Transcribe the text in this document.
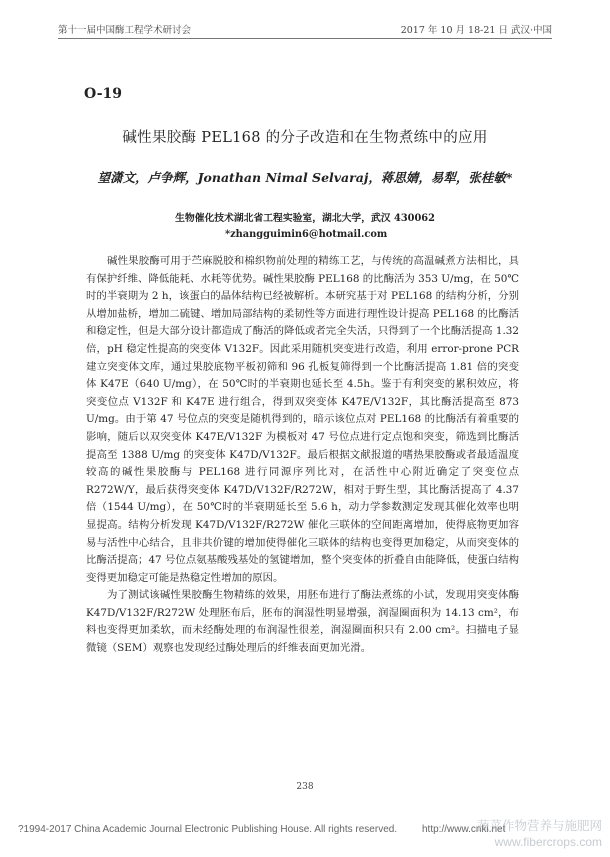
第十一届中国酶工程学术研讨会	2017 年 10 月 18-21 日 武汉·中国
O-19
碱性果胶酶 PEL168 的分子改造和在生物煮练中的应用
望潇文，卢争辉，Jonathan Nimal Selvaraj，蒋思婧，易犁，张桂敏*
生物催化技术湖北省工程实验室，湖北大学，武汉 430062
*zhangguimin6@hotmail.com

碱性果胶酶可用于苎麻脱胶和棉织物前处理的精练工艺，与传统的高温碱煮方法相比，具有保护纤维、降低能耗、水耗等优势。碱性果胶酶 PEL168 的比酶活为 353 U/mg，在 50℃时的半衰期为 2 h，该蛋白的晶体结构已经被解析。本研究基于对 PEL168 的结构分析，分别从增加盐桥，增加二硫键、增加局部结构的柔韧性等方面进行理性设计提高 PEL168 的比酶活和稳定性，但是大部分设计都造成了酶活的降低或者完全失活，只得到了一个比酶活提高 1.32 倍，pH 稳定性提高的突变体 V132F。因此采用随机突变进行改造，利用 error-prone PCR 建立突变体文库，通过果胶底物平板初筛和 96 孔板复筛得到一个比酶活提高 1.81 倍的突变体 K47E（640 U/mg），在 50℃时的半衰期也延长至 4.5h。鉴于有利突变的累积效应，将突变位点 V132F 和 K47E 进行组合，得到双突变体 K47E/V132F，其比酶活提高至 873 U/mg。由于第 47 号位点的突变是随机得到的，暗示该位点对 PEL168 的比酶活有着重要的影响，随后以双突变体 K47E/V132F 为模板对 47 号位点进行定点饱和突变，筛选到比酶活提高至 1388 U/mg 的突变体 K47D/V132F。最后根据文献报道的嗜热果胶酶或者最适温度较高的碱性果胶酶与 PEL168 进行同源序列比对，在活性中心附近确定了突变位点 R272W/Y，最后获得突变体 K47D/V132F/R272W，相对于野生型，其比酶活提高了 4.37 倍（1544 U/mg），在 50℃时的半衰期延长至 5.6 h，动力学参数测定发现其催化效率也明显提高。结构分析发现 K47D/V132F/R272W 催化三联体的空间距离增加，使得底物更加容易与活性中心结合，且非共价键的增加使得催化三联体的结构也变得更加稳定，从而突变体的比酶活提高；47 号位点氨基酸残基处的氢键增加，整个突变体的折叠自由能降低，使蛋白结构变得更加稳定可能是热稳定性增加的原因。

为了测试该碱性果胶酶生物精练的效果，用胚布进行了酶法煮练的小试，发现用突变体酶 K47D/V132F/R272W 处理胚布后，胚布的润湿性明显增强，润湿圈面积为 14.13 cm²，布料也变得更加柔软，而未经酶处理的布润湿性很差，润湿圈面积只有 2.00 cm²。扫描电子显微镜（SEM）观察也发现经过酶处理后的纤维表面更加光滑。

238
?1994-2017 China Academic Journal Electronic Publishing House. All rights reserved. http://www.cnki.net
蔬菜作物营养与施肥网
www.fibercrops.com
